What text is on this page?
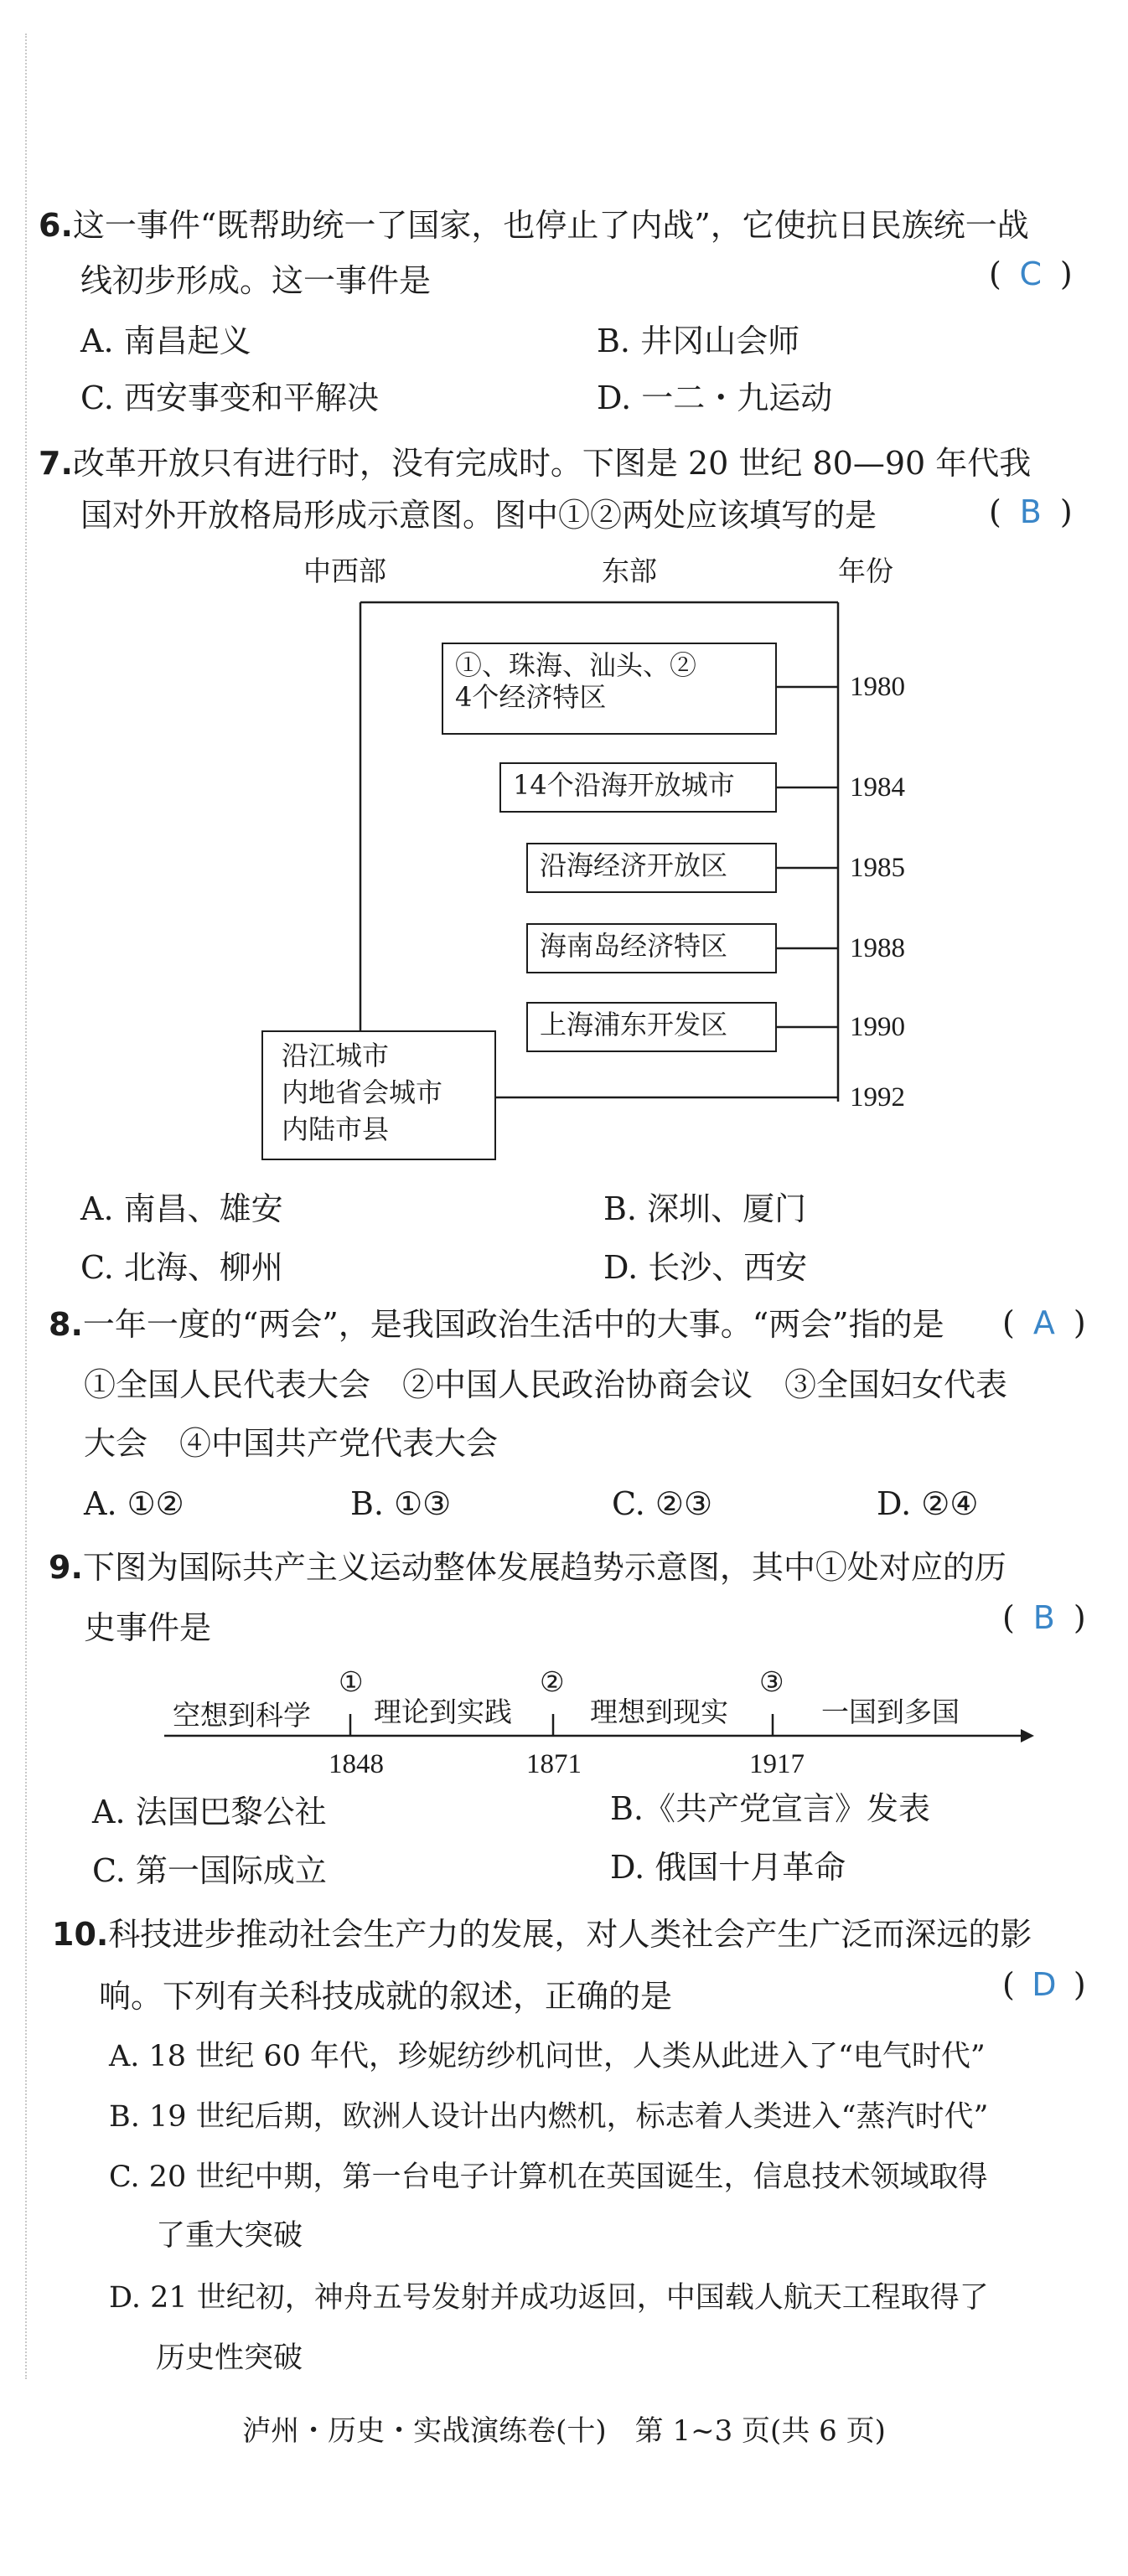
6.这一事件“既帮助统一了国家，也停止了内战”，它使抗日民族统一战
线初步形成。这一事件是	( C )
A. 南昌起义	B. 井冈山会师
C. 西安事变和平解决	D. 一二・九运动
7.改革开放只有进行时，没有完成时。下图是 20 世纪 80—90 年代我
国对外开放格局形成示意图。图中①②两处应该填写的是	( B )
中西部	东部	年份
①、珠海、汕头、②
4个经济特区
14个沿海开放城市
沿海经济开放区
海南岛经济特区
上海浦东开发区
沿江城市
内地省会城市
内陆市县
1980
1984
1985
1988
1990
1992
A. 南昌、雄安	B. 深圳、厦门
C. 北海、柳州	D. 长沙、西安
8.一年一度的“两会”，是我国政治生活中的大事。“两会”指的是 ( A )
①全国人民代表大会　②中国人民政治协商会议　③全国妇女代表
大会　④中国共产党代表大会
A. ①②	B. ①③	C. ②③	D. ②④
9.下图为国际共产主义运动整体发展趋势示意图，其中①处对应的历
史事件是	( B )
①	②	③
空想到科学 理论到实践	理想到现实	一国到多国
1848	1871	1917
A. 法国巴黎公社	B.《共产党宣言》发表
C. 第一国际成立	D. 俄国十月革命
10.科技进步推动社会生产力的发展，对人类社会产生广泛而深远的影
响。下列有关科技成就的叙述，正确的是	( D )
A. 18 世纪 60 年代，珍妮纺纱机问世，人类从此进入了“电气时代”
B. 19 世纪后期，欧洲人设计出内燃机，标志着人类进入“蒸汽时代”
C. 20 世纪中期，第一台电子计算机在英国诞生，信息技术领域取得
了重大突破
D. 21 世纪初，神舟五号发射并成功返回，中国载人航天工程取得了
历史性突破
泸州・历史・实战演练卷(十)　第 1~3 页(共 6 页)
